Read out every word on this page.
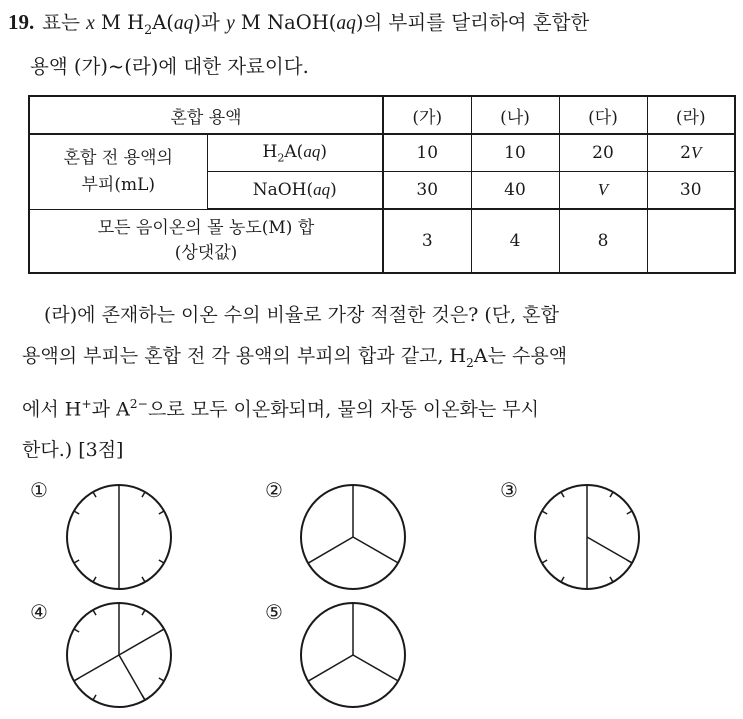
19. 표는 x M $H_2A(aq)$과 y M NaOH(aq)의 부피를 달리하여 혼합한
용액 (가)~(라)에 대한 자료이다.
혼합 용액		(가)	(나)	(다)	(라)

혼합 전 용액의
부피(mL)	$H_2A(aq)$	10	10	20	2V
	NaOH(aq)	30	40	V	30

모든 음이온의 몰 농도(M) 합
(상댓값)		3	4	8	
(라)에 존재하는 이온 수의 비율로 가장 적절한 것은? (단, 혼합
용액의 부피는 혼합 전 각 용액의 부피의 합과 같고, $H_2A$는 수용액
에서 H+과 $A^{2-}$으로 모두 이온화되며, 물의 자동 이온화는 무시
한다.) [3점]
①	②	③
④	⑤
